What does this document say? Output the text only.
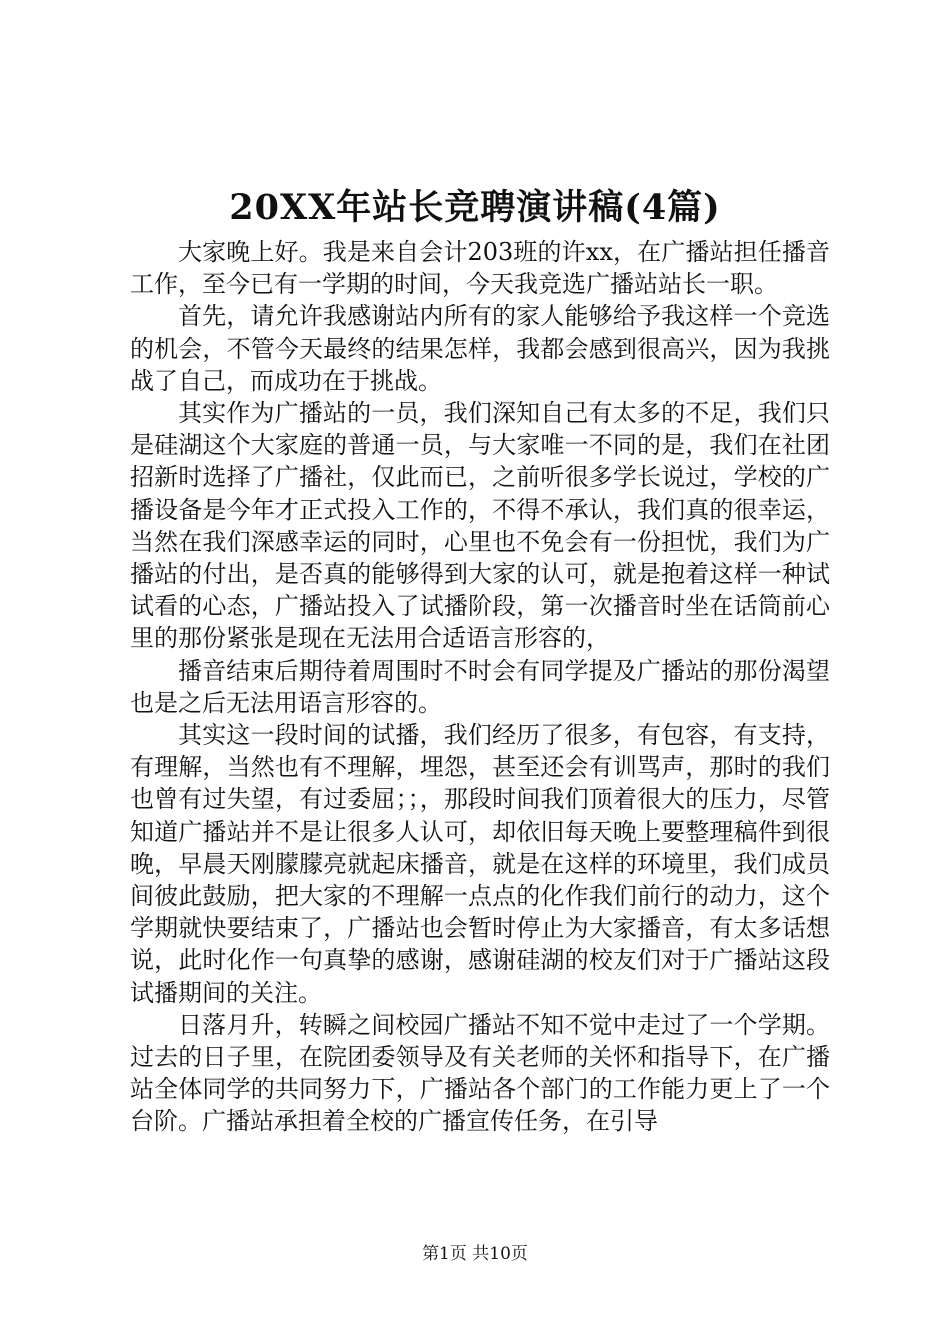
20XX年站长竞聘演讲稿(4篇)

大家晚上好。我是来自会计203班的许xx，在广播站担任播音工作，至今已有一学期的时间，今天我竞选广播站站长一职。

首先，请允许我感谢站内所有的家人能够给予我这样一个竞选的机会，不管今天最终的结果怎样，我都会感到很高兴，因为我挑战了自己，而成功在于挑战。

其实作为广播站的一员，我们深知自己有太多的不足，我们只是硅湖这个大家庭的普通一员，与大家唯一不同的是，我们在社团招新时选择了广播社，仅此而已，之前听很多学长说过，学校的广播设备是今年才正式投入工作的，不得不承认，我们真的很幸运，当然在我们深感幸运的同时，心里也不免会有一份担忧，我们为广播站的付出，是否真的能够得到大家的认可，就是抱着这样一种试试看的心态，广播站投入了试播阶段，第一次播音时坐在话筒前心里的那份紧张是现在无法用合适语言形容的，

播音结束后期待着周围时不时会有同学提及广播站的那份渴望也是之后无法用语言形容的。

其实这一段时间的试播，我们经历了很多，有包容，有支持，有理解，当然也有不理解，埋怨，甚至还会有训骂声，那时的我们也曾有过失望，有过委屈；；，那段时间我们顶着很大的压力，尽管知道广播站并不是让很多人认可，却依旧每天晚上要整理稿件到很晚，早晨天刚朦朦亮就起床播音，就是在这样的环境里，我们成员间彼此鼓励，把大家的不理解一点点的化作我们前行的动力，这个学期就快要结束了，广播站也会暂时停止为大家播音，有太多话想说，此时化作一句真挚的感谢，感谢硅湖的校友们对于广播站这段试播期间的关注。

日落月升，转瞬之间校园广播站不知不觉中走过了一个学期。过去的日子里，在院团委领导及有关老师的关怀和指导下，在广播站全体同学的共同努力下，广播站各个部门的工作能力更上了一个台阶。广播站承担着全校的广播宣传任务，在引导

第1页 共10页
